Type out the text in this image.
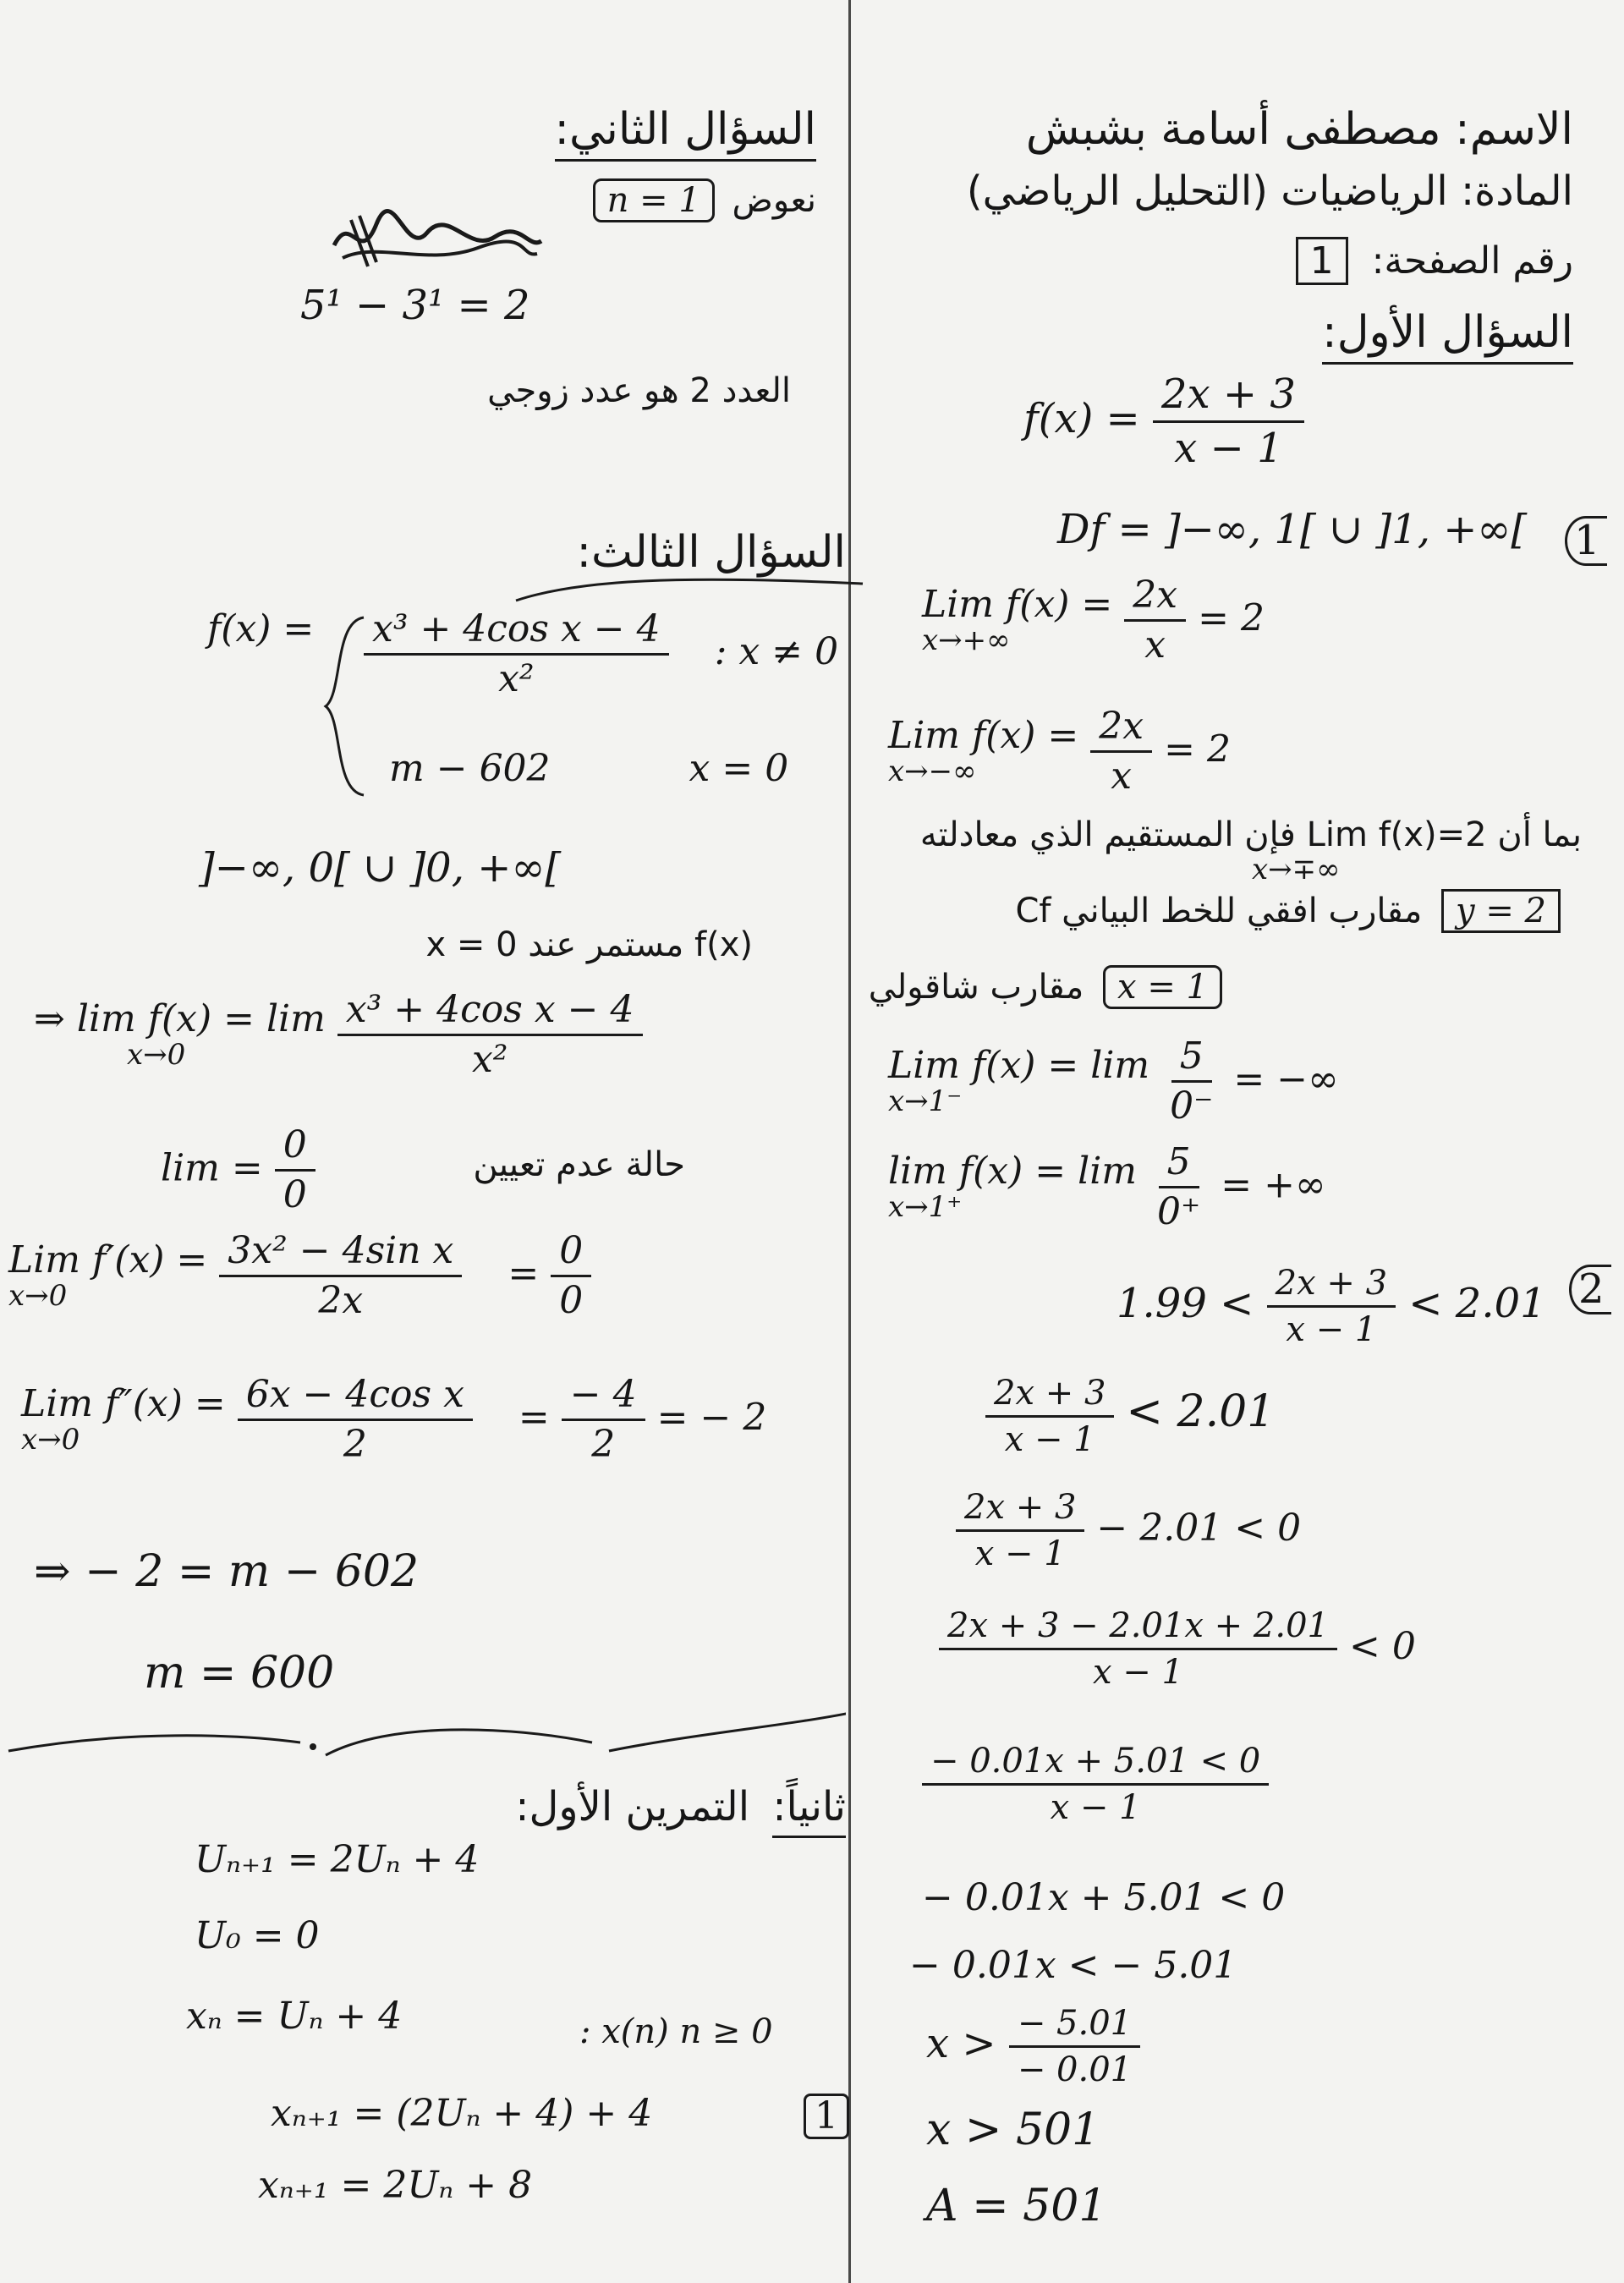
الاسم: مصطفى أسامة بشبش
المادة: الرياضيات (التحليل الرياضي)
رقم الصفحة: 1
السؤال الأول:
$f(x) = \frac{2x + 3}{x - 1}$
1
Df = ]−∞, 1[ ∪ ]1, +∞[
Lim f(x) =
x→+∞
	$\frac{2x}{x} = 2$
Lim f(x) =
x→−∞
	$\frac{2x}{x} = 2$
بما أن Lim f(x)=2 فإن المستقيم الذي معادلته
x→∓∞
y = 2 مقارب افقي للخط البياني Cf
x = 1 مقارب شاقولي
Lim f(x) = lim
x→1⁻
	$\frac{5}{0^-}$ = −∞
lim f(x) = lim
x→1⁺
	$\frac{5}{0^+}$ = +∞
2
$1.99 < \frac{2x + 3}{x - 1} < 2.01$
$\frac{2x + 3}{x - 1} < 2.01$
$\frac{2x + 3}{x - 1} - 2.01 < 0$
$\frac{2x + 3 - 2.01x + 2.01}{x - 1} < 0$
$\frac{- 0.01x + 5.01 < 0}{x - 1}$
− 0.01x + 5.01 < 0
− 0.01x < − 5.01
$x > \frac{- 5.01}{- 0.01}$
x > 501
A = 501
السؤال الثاني:
نعوض n = 1
5¹ − 3¹ = 2
العدد 2 هو عدد زوجي
السؤال الثالث:
$f(x) = \frac{\text{x³ + 4cos x − 4}}{\text{x²}}$ : x ≠ 0
m − 602	x = 0
]−∞, 0[ ∪ ]0, +∞[
f(x) مستمر عند x = 0
⇒ lim f(x) = lim
x→0
	$\frac{\text{x³ + 4cos x − 4}}{\text{x²}}$
$\lim = \frac{0}{0}$	حالة عدم تعيين
Lim f′(x) =
x→0
	$\frac{\text{3x² − 4sin x}}{2x} = \frac{0}{0}$
Lim f″(x) =
x→0
	$\frac{\text{6x − 4cos x}}{2} = \frac{- 4}{2}$ = − 2
⇒ − 2 = m − 602
m = 600
ثانياً: التمرين الأول:
Uₙ₊₁ = 2Uₙ + 4
U₀ = 0
xₙ = Uₙ + 4	: x(n) n ≥ 0
1
xₙ₊₁ = (2Uₙ + 4) + 4
xₙ₊₁ = 2Uₙ + 8
